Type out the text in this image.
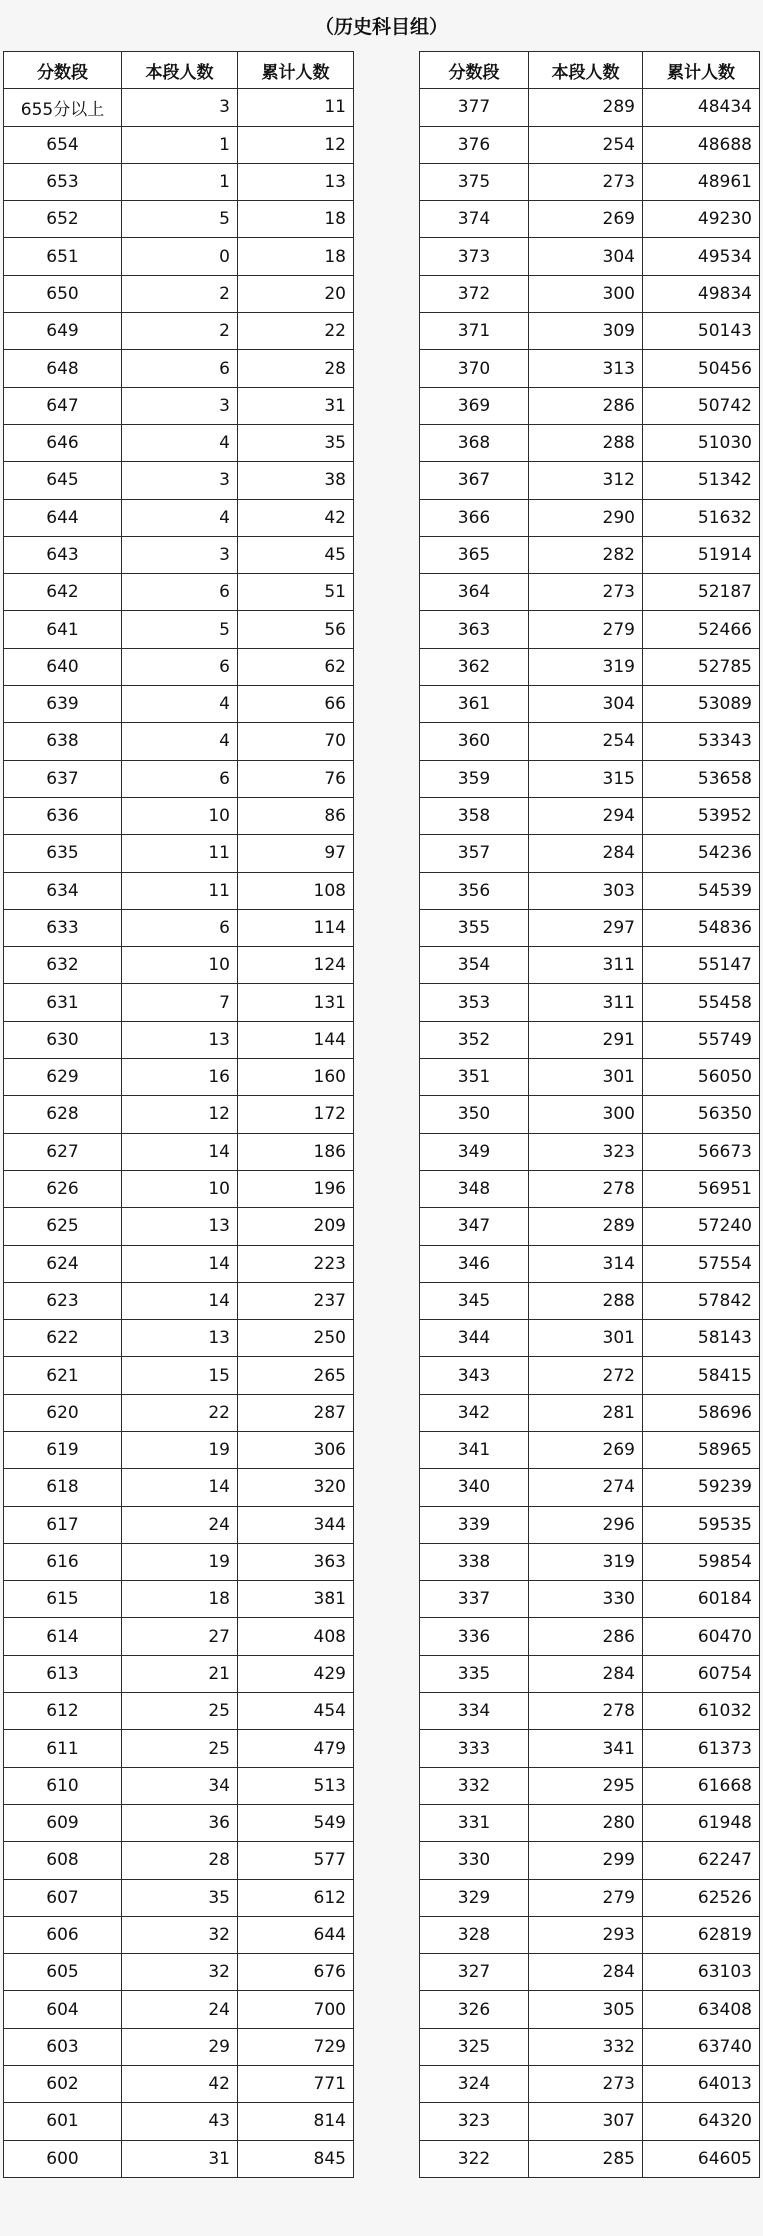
（历史科目组）
分数段	本段人数	累计人数
655分以上	3	11
654	1	12
653	1	13
652	5	18
651	0	18
650	2	20
649	2	22
648	6	28
647	3	31
646	4	35
645	3	38
644	4	42
643	3	45
642	6	51
641	5	56
640	6	62
639	4	66
638	4	70
637	6	76
636	10	86
635	11	97
634	11	108
633	6	114
632	10	124
631	7	131
630	13	144
629	16	160
628	12	172
627	14	186
626	10	196
625	13	209
624	14	223
623	14	237
622	13	250
621	15	265
620	22	287
619	19	306
618	14	320
617	24	344
616	19	363
615	18	381
614	27	408
613	21	429
612	25	454
611	25	479
610	34	513
609	36	549
608	28	577
607	35	612
606	32	644
605	32	676
604	24	700
603	29	729
602	42	771
601	43	814
600	31	845
分数段	本段人数	累计人数
377	289	48434
376	254	48688
375	273	48961
374	269	49230
373	304	49534
372	300	49834
371	309	50143
370	313	50456
369	286	50742
368	288	51030
367	312	51342
366	290	51632
365	282	51914
364	273	52187
363	279	52466
362	319	52785
361	304	53089
360	254	53343
359	315	53658
358	294	53952
357	284	54236
356	303	54539
355	297	54836
354	311	55147
353	311	55458
352	291	55749
351	301	56050
350	300	56350
349	323	56673
348	278	56951
347	289	57240
346	314	57554
345	288	57842
344	301	58143
343	272	58415
342	281	58696
341	269	58965
340	274	59239
339	296	59535
338	319	59854
337	330	60184
336	286	60470
335	284	60754
334	278	61032
333	341	61373
332	295	61668
331	280	61948
330	299	62247
329	279	62526
328	293	62819
327	284	63103
326	305	63408
325	332	63740
324	273	64013
323	307	64320
322	285	64605
